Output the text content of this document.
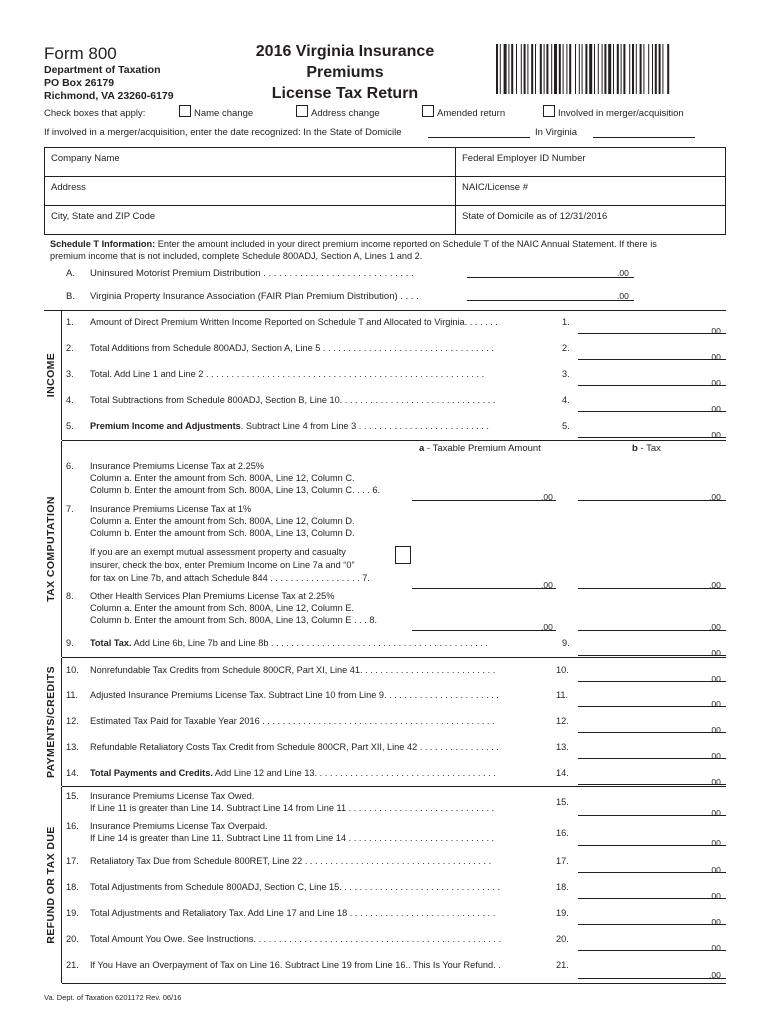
Form 800
Department of Taxation
PO Box 26179
Richmond, VA 23260-6179
2016 Virginia Insurance
Premiums
License Tax Return
Check boxes that apply:	Name change	Address change	Amended return	Involved in merger/acquisition
If involved in a merger/acquisition, enter the date recognized: In the State of Domicile	In Virginia
Company Name	Federal Employer ID Number
Address	NAIC/License #
City, State and ZIP Code	State of Domicile as of 12/31/2016
Schedule T Information: Enter the amount included in your direct premium income reported on Schedule T of the NAIC Annual Statement. If there is
premium income that is not included, complete Schedule 800ADJ, Section A, Lines 1 and 2.
A. Uninsured Motorist Premium Distribution . . . . . . . . . . . . . . . . . . . . . . . . . . . . .	.00
B. Virginia Property Insurance Association (FAIR Plan Premium Distribution) . . . .	.00
INCOME
TAX COMPUTATION
PAYMENTS/CREDITS
REFUND OR TAX DUE
1. Amount of Direct Premium Written Income Reported on Schedule T and Allocated to Virginia. . . . . . .	1.
.00
2. Total Additions from Schedule 800ADJ, Section A, Line 5 . . . . . . . . . . . . . . . . . . . . . . . . . . . . . . . . . .	2.
.00
3. Total. Add Line 1 and Line 2 . . . . . . . . . . . . . . . . . . . . . . . . . . . . . . . . . . . . . . . . . . . . . . . . . . . . . . .	3.
.00
4. Total Subtractions from Schedule 800ADJ, Section B, Line 10. . . . . . . . . . . . . . . . . . . . . . . . . . . . . . .	4.
.00
5. Premium Income and Adjustments. Subtract Line 4 from Line 3 . . . . . . . . . . . . . . . . . . . . . . . . . .	5.
.00
a - Taxable Premium Amount	b - Tax
6. Insurance Premiums License Tax at 2.25%
Column a. Enter the amount from Sch. 800A, Line 12, Column C.
Column b. Enter the amount from Sch. 800A, Line 13, Column C. . . . 6.
.00	.00
7. Insurance Premiums License Tax at 1%
Column a. Enter the amount from Sch. 800A, Line 12, Column D.
Column b. Enter the amount from Sch. 800A, Line 13, Column D.
If you are an exempt mutual assessment property and casualty
insurer, check the box, enter Premium Income on Line 7a and “0”
for tax on Line 7b, and attach Schedule 844 . . . . . . . . . . . . . . . . . . 7.
.00	.00
8. Other Health Services Plan Premiums License Tax at 2.25%
Column a. Enter the amount from Sch. 800A, Line 12, Column E.
Column b. Enter the amount from Sch. 800A, Line 13, Column E . . . 8.
.00	.00
9. Total Tax. Add Line 6b, Line 7b and Line 8b . . . . . . . . . . . . . . . . . . . . . . . . . . . . . . . . . . . . . . . . . . .	9.
.00
10. Nonrefundable Tax Credits from Schedule 800CR, Part XI, Line 41. . . . . . . . . . . . . . . . . . . . . . . . . . .	10.
.00
11. Adjusted Insurance Premiums License Tax. Subtract Line 10 from Line 9. . . . . . . . . . . . . . . . . . . . . . .	11.
.00
12. Estimated Tax Paid for Taxable Year 2016 . . . . . . . . . . . . . . . . . . . . . . . . . . . . . . . . . . . . . . . . . . . . . .	12.
.00
13. Refundable Retaliatory Costs Tax Credit from Schedule 800CR, Part XII, Line 42 . . . . . . . . . . . . . . . .	13.
.00
14. Total Payments and Credits. Add Line 12 and Line 13. . . . . . . . . . . . . . . . . . . . . . . . . . . . . . . . . . . .	14.
.00
15. Insurance Premiums License Tax Owed.
If Line 11 is greater than Line 14. Subtract Line 14 from Line 11 . . . . . . . . . . . . . . . . . . . . . . . . . . . . .
15.
.00
16. Insurance Premiums License Tax Overpaid.
If Line 14 is greater than Line 11. Subtract Line 11 from Line 14 . . . . . . . . . . . . . . . . . . . . . . . . . . . . .	16.
.00
17. Retaliatory Tax Due from Schedule 800RET, Line 22 . . . . . . . . . . . . . . . . . . . . . . . . . . . . . . . . . . . . .	17.
.00
18. Total Adjustments from Schedule 800ADJ, Section C, Line 15. . . . . . . . . . . . . . . . . . . . . . . . . . . . . . . .	18.
.00
19. Total Adjustments and Retaliatory Tax. Add Line 17 and Line 18 . . . . . . . . . . . . . . . . . . . . . . . . . . . . .	19.
.00
20. Total Amount You Owe. See Instructions. . . . . . . . . . . . . . . . . . . . . . . . . . . . . . . . . . . . . . . . . . . . . . . . .	20.
.00
21. If You Have an Overpayment of Tax on Line 16. Subtract Line 19 from Line 16.. This Is Your Refund. .	21.
.00
Va. Dept. of Taxation 6201172 Rev. 06/16
